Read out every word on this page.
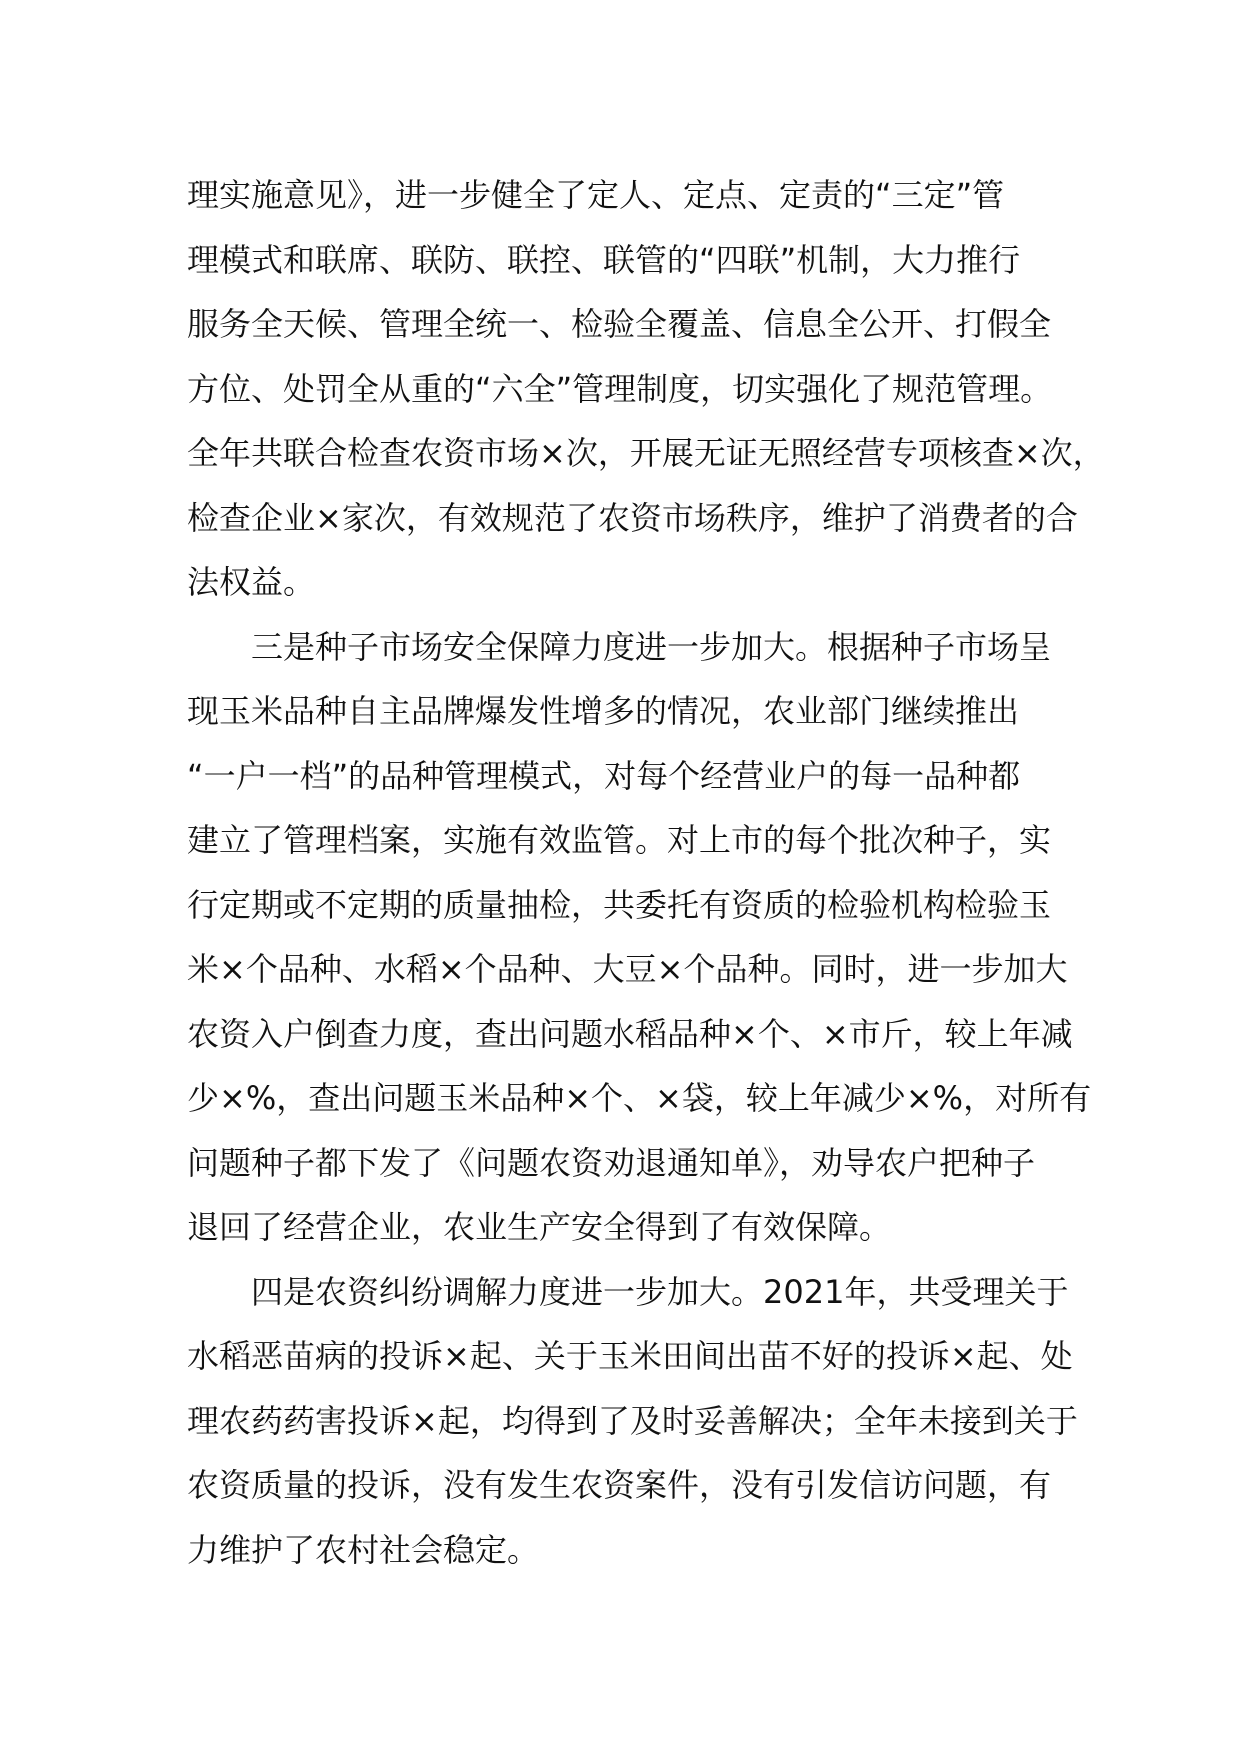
理实施意见》，进一步健全了定人、定点、定责的“三定”管
理模式和联席、联防、联控、联管的“四联”机制，大力推行
服务全天候、管理全统一、检验全覆盖、信息全公开、打假全
方位、处罚全从重的“六全”管理制度，切实强化了规范管理。
全年共联合检查农资市场×次，开展无证无照经营专项核查×次，
检查企业×家次，有效规范了农资市场秩序，维护了消费者的合
法权益。
三是种子市场安全保障力度进一步加大。根据种子市场呈
现玉米品种自主品牌爆发性增多的情况，农业部门继续推出
“一户一档”的品种管理模式，对每个经营业户的每一品种都
建立了管理档案，实施有效监管。对上市的每个批次种子，实
行定期或不定期的质量抽检，共委托有资质的检验机构检验玉
米×个品种、水稻×个品种、大豆×个品种。同时，进一步加大
农资入户倒查力度，查出问题水稻品种×个、×市斤，较上年减
少×%，查出问题玉米品种×个、×袋，较上年减少×%，对所有
问题种子都下发了《问题农资劝退通知单》，劝导农户把种子
退回了经营企业，农业生产安全得到了有效保障。
四是农资纠纷调解力度进一步加大。2021年，共受理关于
水稻恶苗病的投诉×起、关于玉米田间出苗不好的投诉×起、处
理农药药害投诉×起，均得到了及时妥善解决；全年未接到关于
农资质量的投诉，没有发生农资案件，没有引发信访问题，有
力维护了农村社会稳定。
